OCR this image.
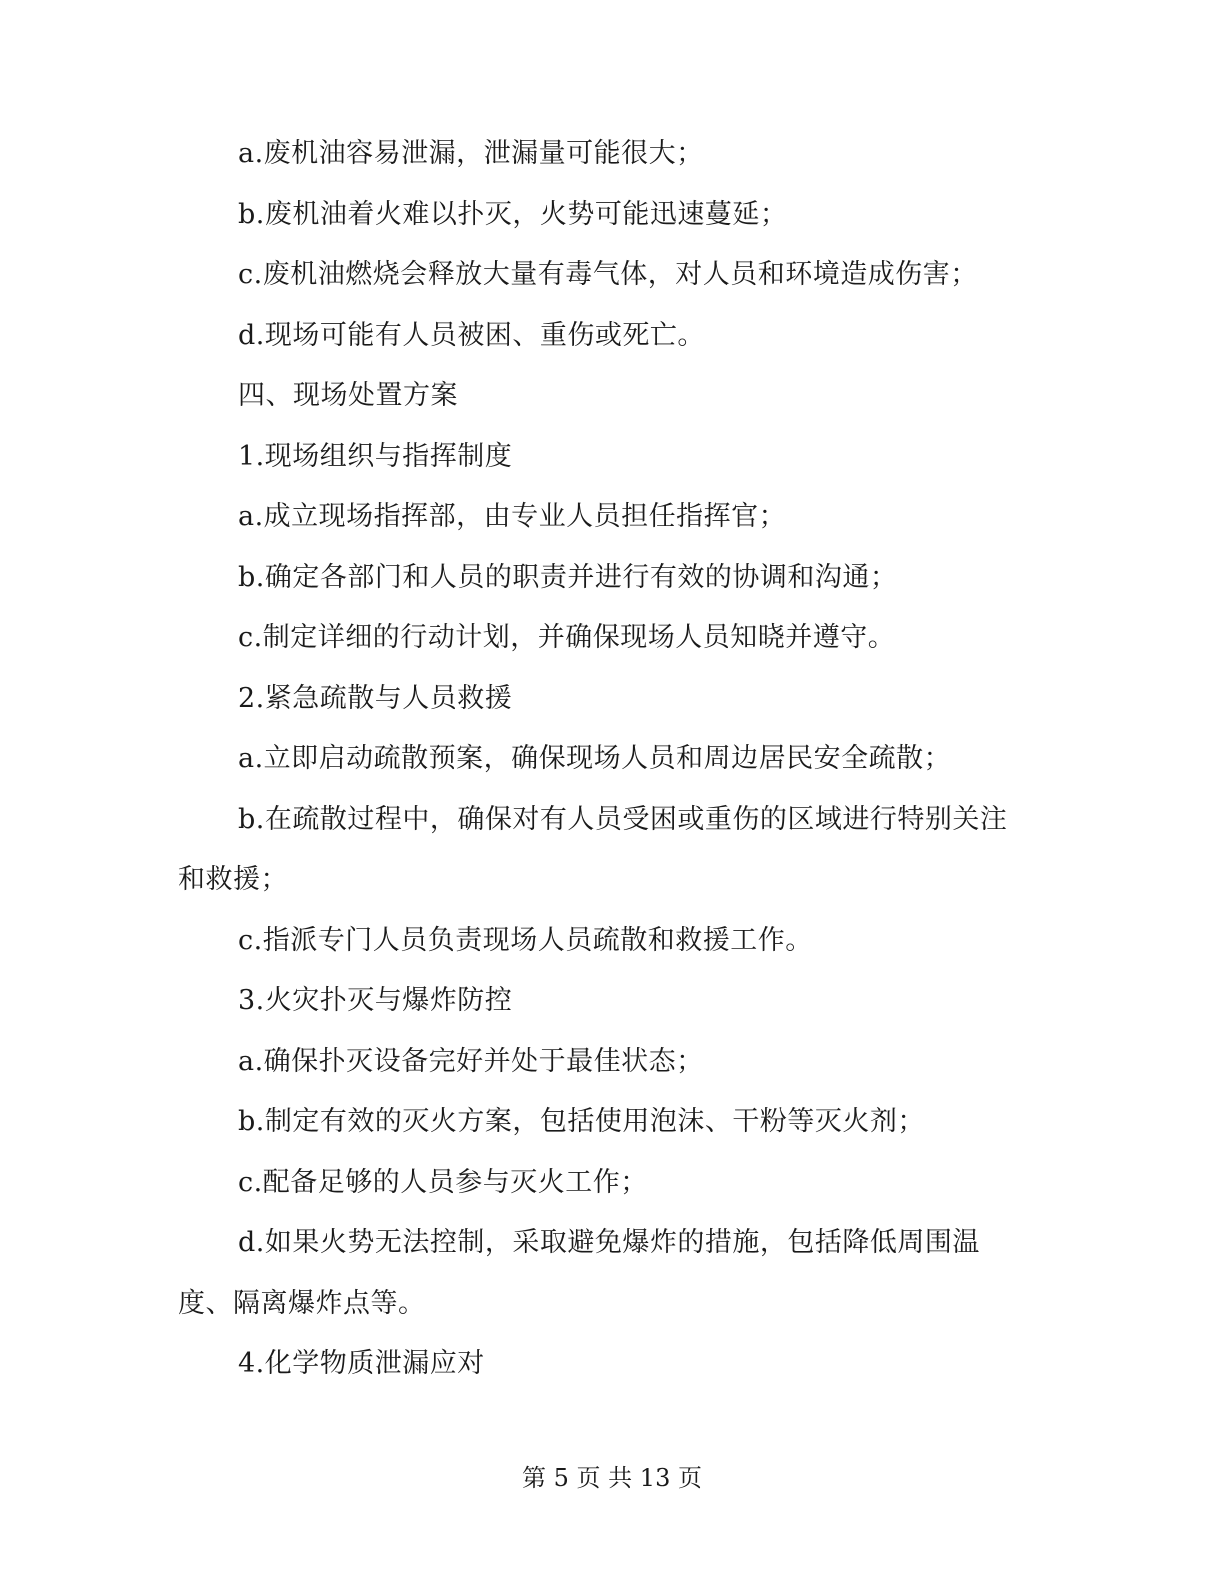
a.废机油容易泄漏，泄漏量可能很大；
b.废机油着火难以扑灭，火势可能迅速蔓延；
c.废机油燃烧会释放大量有毒气体，对人员和环境造成伤害；
d.现场可能有人员被困、重伤或死亡。
四、现场处置方案
1.现场组织与指挥制度
a.成立现场指挥部，由专业人员担任指挥官；
b.确定各部门和人员的职责并进行有效的协调和沟通；
c.制定详细的行动计划，并确保现场人员知晓并遵守。
2.紧急疏散与人员救援
a.立即启动疏散预案，确保现场人员和周边居民安全疏散；
b.在疏散过程中，确保对有人员受困或重伤的区域进行特别关注
和救援；
c.指派专门人员负责现场人员疏散和救援工作。
3.火灾扑灭与爆炸防控
a.确保扑灭设备完好并处于最佳状态；
b.制定有效的灭火方案，包括使用泡沫、干粉等灭火剂；
c.配备足够的人员参与灭火工作；
d.如果火势无法控制，采取避免爆炸的措施，包括降低周围温
度、隔离爆炸点等。
4.化学物质泄漏应对
第 5 页 共 13 页
